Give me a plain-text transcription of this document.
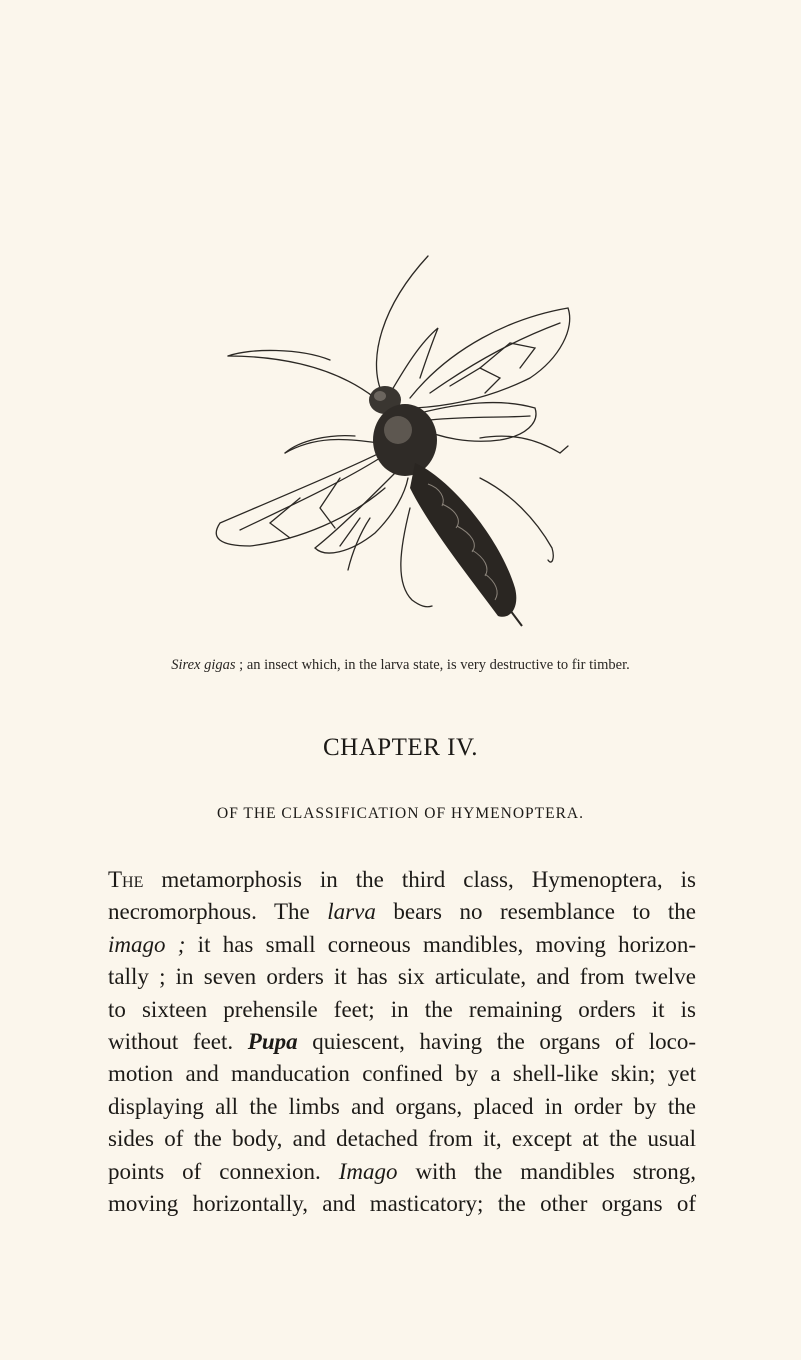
Sirex gigas ; an insect which, in the larva state, is very destructive to fir timber.
CHAPTER IV.
OF THE CLASSIFICATION OF HYMENOPTERA.
The metamorphosis in the third class, Hymenoptera, is
necromorphous. The larva bears no resemblance to the
imago ; it has small corneous mandibles, moving horizon-
tally ; in seven orders it has six articulate, and from twelve
to sixteen prehensile feet; in the remaining orders it is
without feet. Pupa quiescent, having the organs of loco-
motion and manducation confined by a shell-like skin; yet
displaying all the limbs and organs, placed in order by the
sides of the body, and detached from it, except at the usual
points of connexion. Imago with the mandibles strong,
moving horizontally, and masticatory; the other organs of
